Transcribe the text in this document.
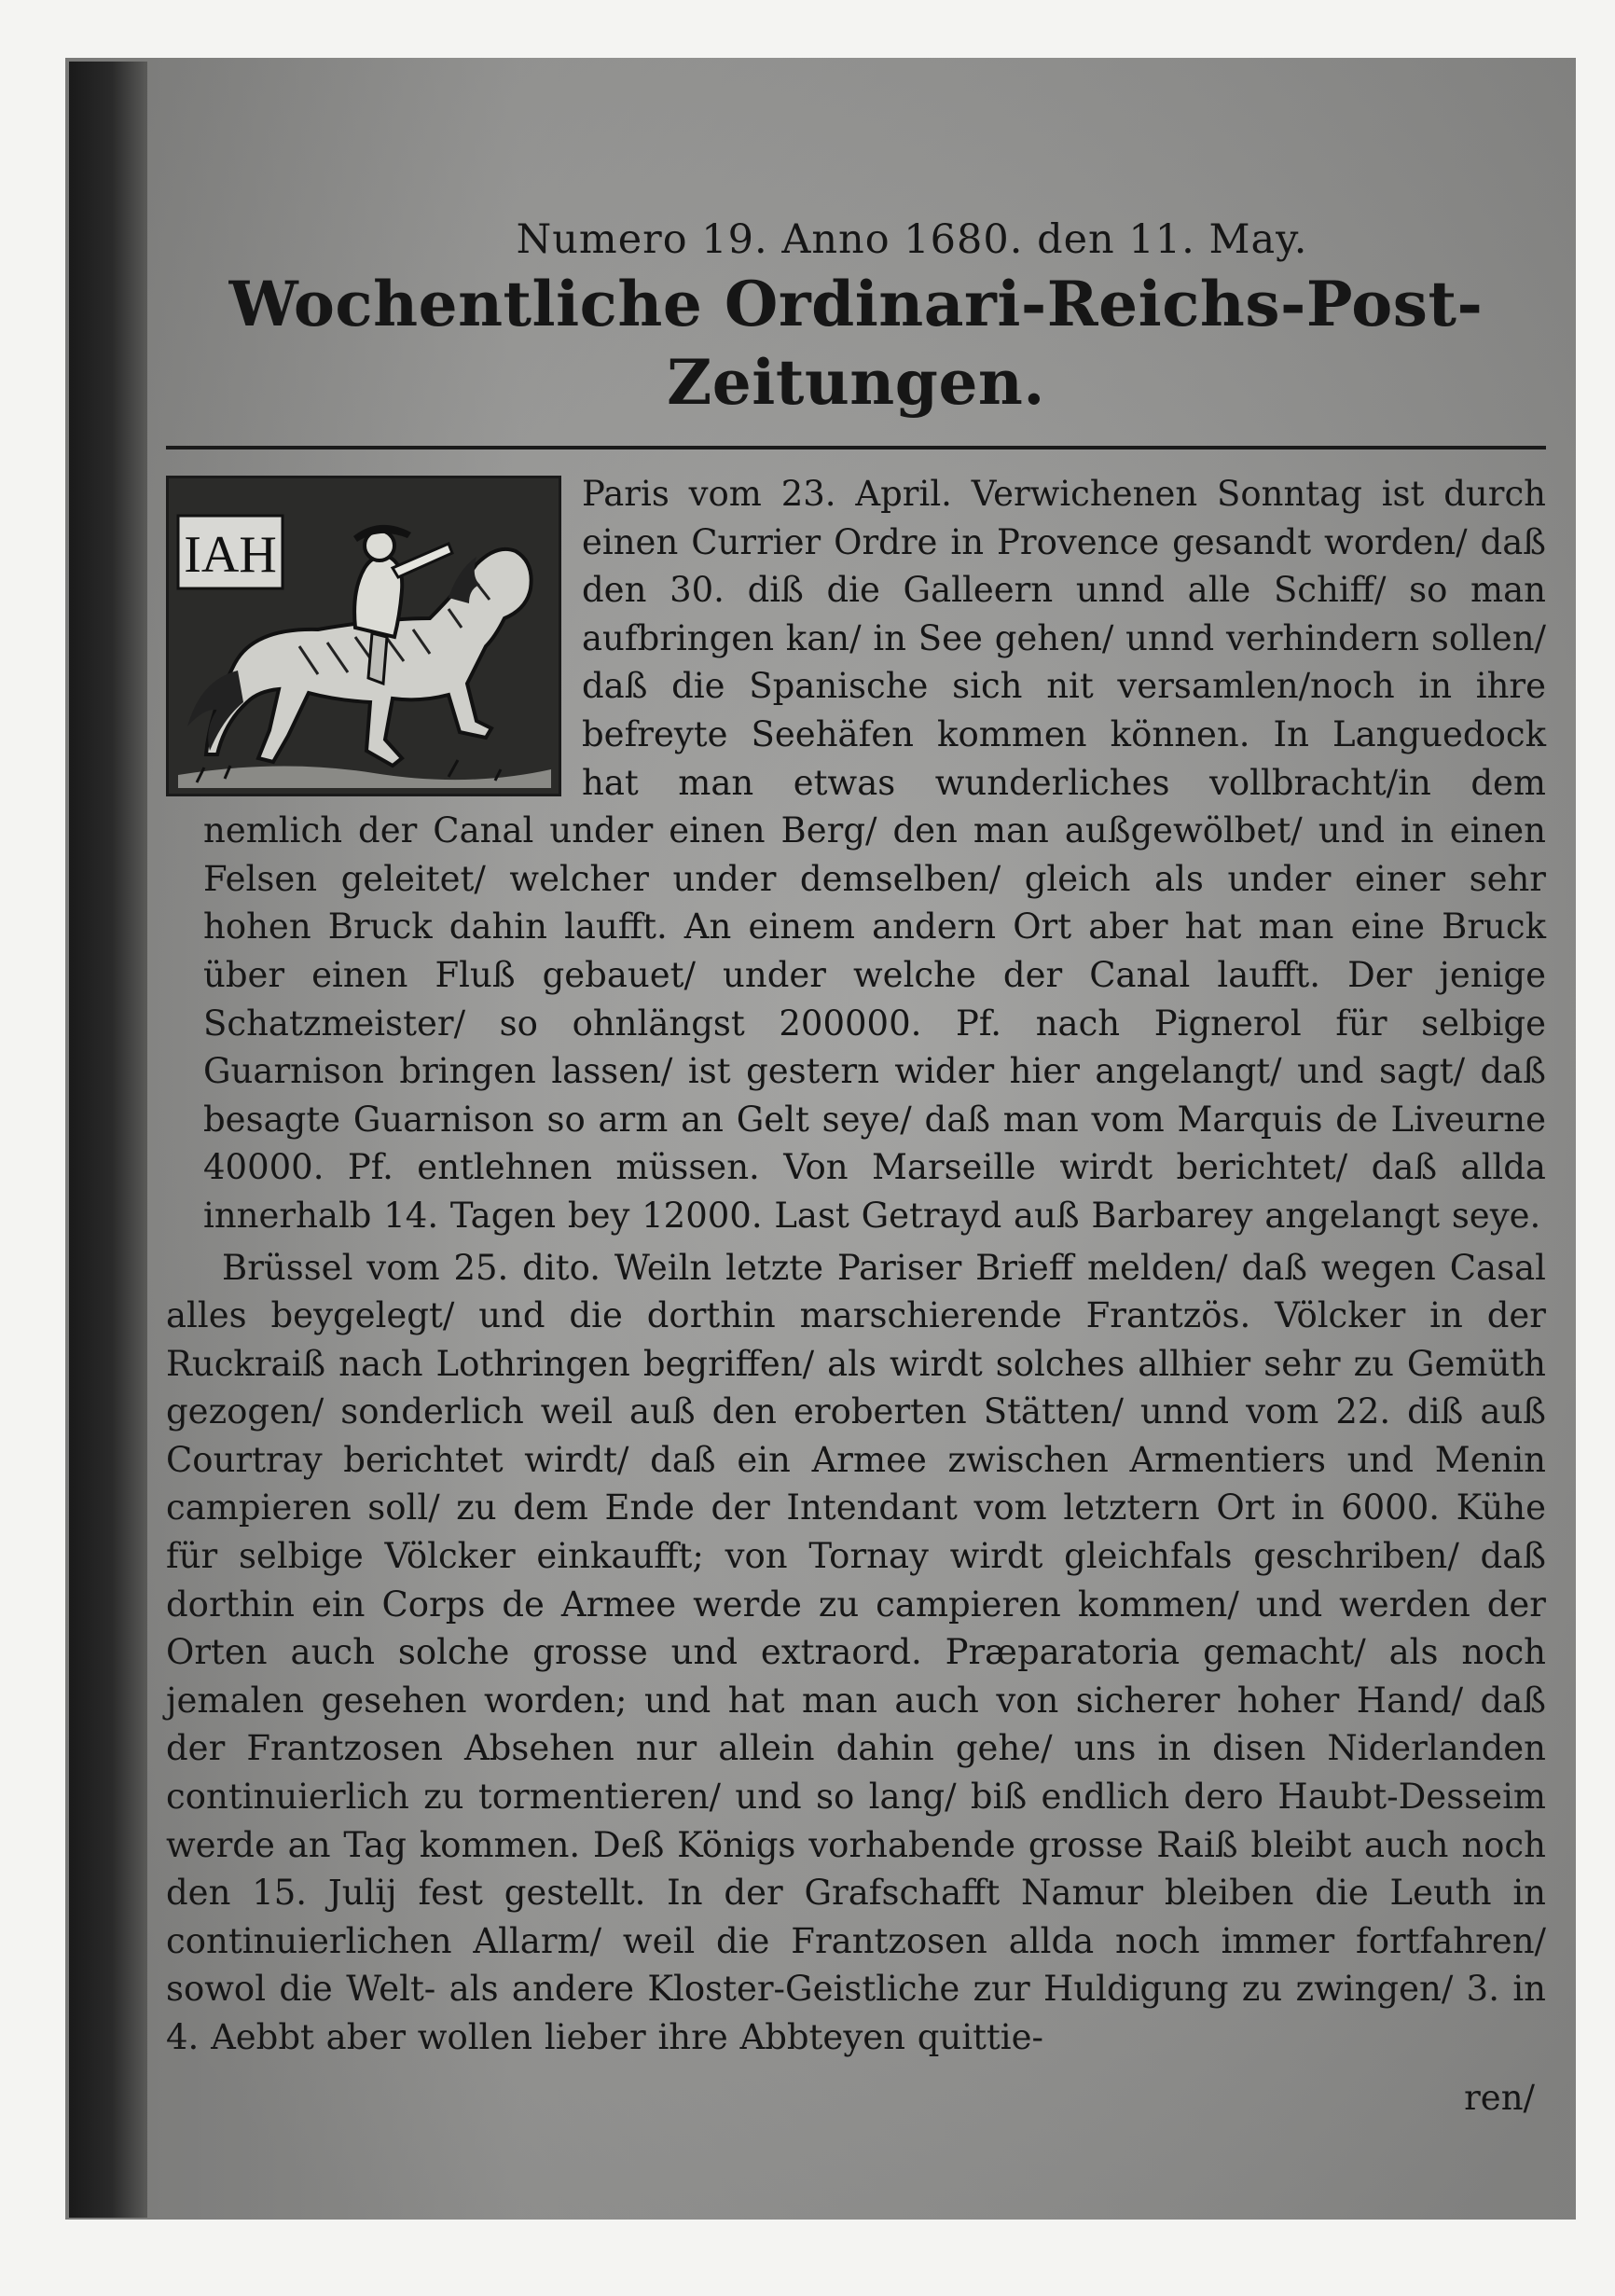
Numero 19. Anno 1680. den 11. May.
Wochentliche Ordinari-Reichs-Post-Zeitungen.
IAH

Paris vom 23. April. Verwichenen Sonntag ist durch einen Currier Ordre in Provence gesandt worden/ daß den 30. diß die Galleern unnd alle Schiff/ so man aufbringen kan/ in See gehen/ unnd verhindern sollen/ daß die Spanische sich nit versamlen/noch in ihre befreyte Seehäfen kommen können. In Languedock hat man etwas wunderliches vollbracht/in dem nemlich der Canal under einen Berg/ den man außgewölbet/ und in einen Felsen geleitet/ welcher under demselben/ gleich als under einer sehr hohen Bruck dahin laufft. An einem andern Ort aber hat man eine Bruck über einen Fluß gebauet/ under welche der Canal laufft. Der jenige Schatzmeister/ so ohnlängst 200000. Pf. nach Pignerol für selbige Guarnison bringen lassen/ ist gestern wider hier angelangt/ und sagt/ daß besagte Guarnison so arm an Gelt seye/ daß man vom Marquis de Liveurne 40000. Pf. entlehnen müssen. Von Marseille wirdt berichtet/ daß allda innerhalb 14. Tagen bey 12000. Last Getrayd auß Barbarey angelangt seye.

Brüssel vom 25. dito. Weiln letzte Pariser Brieff melden/ daß wegen Casal alles beygelegt/ und die dorthin marschierende Frantzös. Völcker in der Ruckraiß nach Lothringen begriffen/ als wirdt solches allhier sehr zu Gemüth gezogen/ sonderlich weil auß den eroberten Stätten/ unnd vom 22. diß auß Courtray berichtet wirdt/ daß ein Armee zwischen Armentiers und Menin campieren soll/ zu dem Ende der Intendant vom letztern Ort in 6000. Kühe für selbige Völcker einkaufft; von Tornay wirdt gleichfals geschriben/ daß dorthin ein Corps de Armee werde zu campieren kommen/ und werden der Orten auch solche grosse und extraord. Præparatoria gemacht/ als noch jemalen gesehen worden; und hat man auch von sicherer hoher Hand/ daß der Frantzosen Absehen nur allein dahin gehe/ uns in disen Niderlanden continuierlich zu tormentieren/ und so lang/ biß endlich dero Haubt-Desseim werde an Tag kommen. Deß Königs vorhabende grosse Raiß bleibt auch noch den 15. Julij fest gestellt. In der Grafschafft Namur bleiben die Leuth in continuierlichen Allarm/ weil die Frantzosen allda noch immer fortfahren/ sowol die Welt- als andere Kloster-Geistliche zur Huldigung zu zwingen/ 3. in 4. Aebbt aber wollen lieber ihre Abbteyen quittie-

ren/
